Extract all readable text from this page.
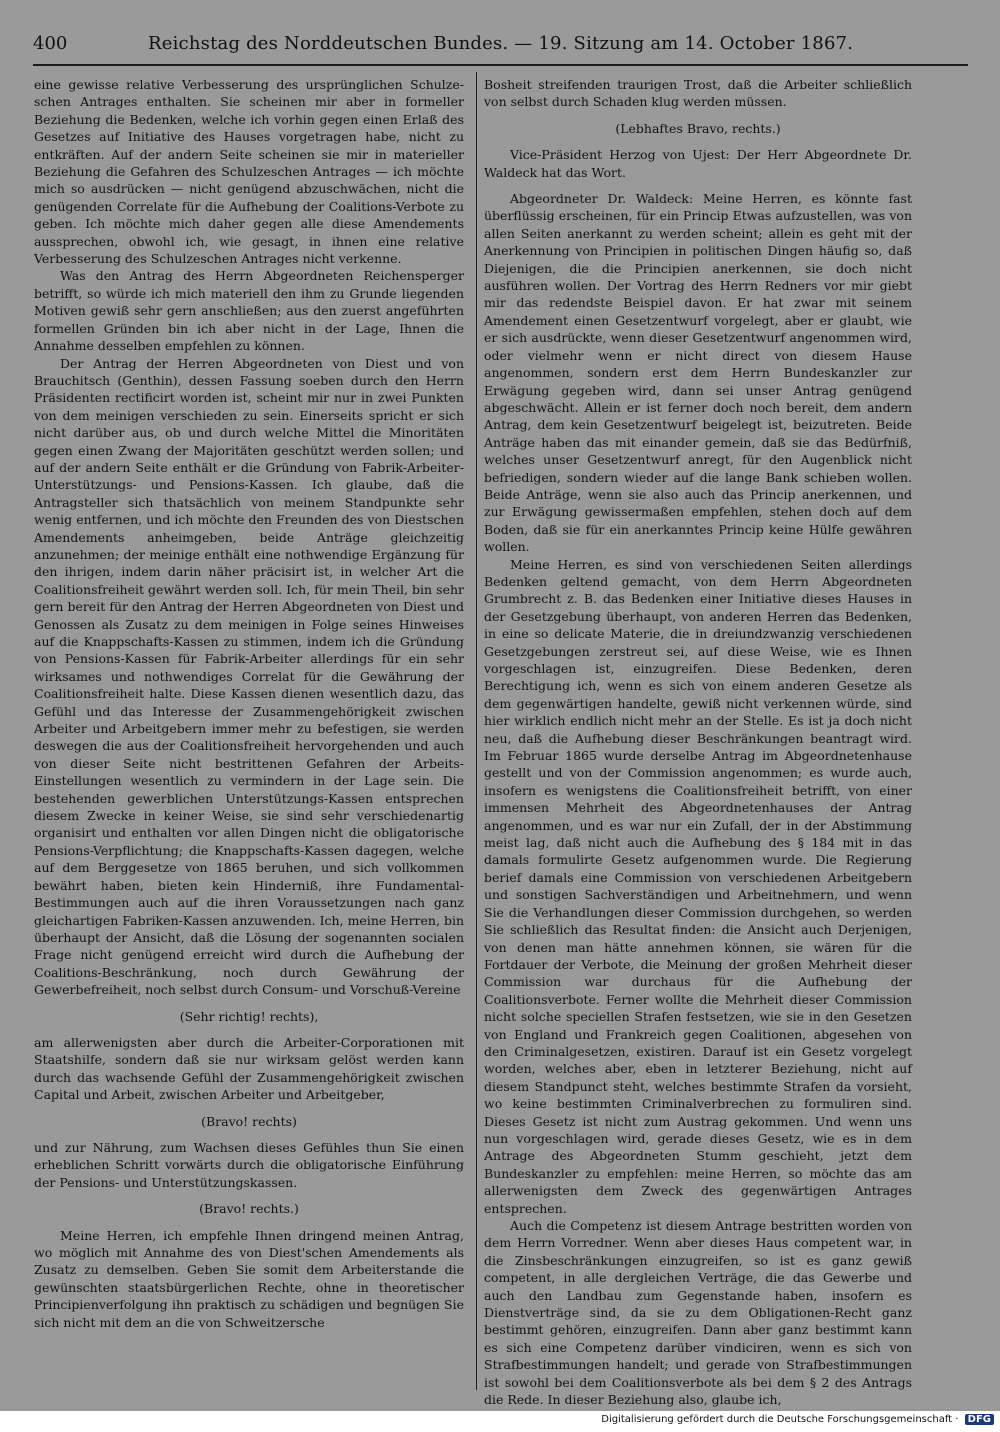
400	Reichstag des Norddeutschen Bundes. — 19. Sitzung am 14. October 1867.

eine gewisse relative Verbesserung des ursprünglichen Schulze-schen Antrages enthalten. Sie scheinen mir aber in formeller Beziehung die Bedenken, welche ich vorhin gegen einen Erlaß des Gesetzes auf Initiative des Hauses vorgetragen habe, nicht zu entkräften. Auf der andern Seite scheinen sie mir in materieller Beziehung die Gefahren des Schulzeschen Antrages — ich möchte mich so ausdrücken — nicht genügend abzuschwächen, nicht die genügenden Correlate für die Aufhebung der Coalitions-Verbote zu geben. Ich möchte mich daher gegen alle diese Amendements aussprechen, obwohl ich, wie gesagt, in ihnen eine relative Verbesserung des Schulzeschen Antrages nicht verkenne.

Was den Antrag des Herrn Abgeordneten Reichensperger betrifft, so würde ich mich materiell den ihm zu Grunde liegenden Motiven gewiß sehr gern anschließen; aus den zuerst angeführten formellen Gründen bin ich aber nicht in der Lage, Ihnen die Annahme desselben empfehlen zu können.

Der Antrag der Herren Abgeordneten von Diest und von Brauchitsch (Genthin), dessen Fassung soeben durch den Herrn Präsidenten rectificirt worden ist, scheint mir nur in zwei Punkten von dem meinigen verschieden zu sein. Einerseits spricht er sich nicht darüber aus, ob und durch welche Mittel die Minoritäten gegen einen Zwang der Majoritäten geschützt werden sollen; und auf der andern Seite enthält er die Gründung von Fabrik-Arbeiter-Unterstützungs- und Pensions-Kassen. Ich glaube, daß die Antragsteller sich thatsächlich von meinem Standpunkte sehr wenig entfernen, und ich möchte den Freunden des von Diestschen Amendements anheimgeben, beide Anträge gleichzeitig anzunehmen; der meinige enthält eine nothwendige Ergänzung für den ihrigen, indem darin näher präcisirt ist, in welcher Art die Coalitionsfreiheit gewährt werden soll. Ich, für mein Theil, bin sehr gern bereit für den Antrag der Herren Abgeordneten von Diest und Genossen als Zusatz zu dem meinigen in Folge seines Hinweises auf die Knappschafts-Kassen zu stimmen, indem ich die Gründung von Pensions-Kassen für Fabrik-Arbeiter allerdings für ein sehr wirksames und nothwendiges Correlat für die Gewährung der Coalitionsfreiheit halte. Diese Kassen dienen wesentlich dazu, das Gefühl und das Interesse der Zusammengehörigkeit zwischen Arbeiter und Arbeitgebern immer mehr zu befestigen, sie werden deswegen die aus der Coalitionsfreiheit hervorgehenden und auch von dieser Seite nicht bestrittenen Gefahren der Arbeits-Einstellungen wesentlich zu vermindern in der Lage sein. Die bestehenden gewerblichen Unterstützungs-Kassen entsprechen diesem Zwecke in keiner Weise, sie sind sehr verschiedenartig organisirt und enthalten vor allen Dingen nicht die obligatorische Pensions-Verpflichtung; die Knappschafts-Kassen dagegen, welche auf dem Berggesetze von 1865 beruhen, und sich vollkommen bewährt haben, bieten kein Hinderniß, ihre Fundamental-Bestimmungen auch auf die ihren Voraussetzungen nach ganz gleichartigen Fabriken-Kassen anzuwenden. Ich, meine Herren, bin überhaupt der Ansicht, daß die Lösung der sogenannten socialen Frage nicht genügend erreicht wird durch die Aufhebung der Coalitions-Beschränkung, noch durch Gewährung der Gewerbefreiheit, noch selbst durch Consum- und Vorschuß-Vereine

(Sehr richtig! rechts),

am allerwenigsten aber durch die Arbeiter-Corporationen mit Staatshilfe, sondern daß sie nur wirksam gelöst werden kann durch das wachsende Gefühl der Zusammengehörigkeit zwischen Capital und Arbeit, zwischen Arbeiter und Arbeitgeber,

(Bravo! rechts)

und zur Nährung, zum Wachsen dieses Gefühles thun Sie einen erheblichen Schritt vorwärts durch die obligatorische Einführung der Pensions- und Unterstützungskassen.

(Bravo! rechts.)

Meine Herren, ich empfehle Ihnen dringend meinen Antrag, wo möglich mit Annahme des von Diest'schen Amendements als Zusatz zu demselben. Geben Sie somit dem Arbeiterstande die gewünschten staatsbürgerlichen Rechte, ohne in theoretischer Principienverfolgung ihn praktisch zu schädigen und begnügen Sie sich nicht mit dem an die von Schweitzersche

Bosheit streifenden traurigen Trost, daß die Arbeiter schließlich von selbst durch Schaden klug werden müssen.

(Lebhaftes Bravo, rechts.)

Vice-Präsident Herzog von Ujest: Der Herr Abgeordnete Dr. Waldeck hat das Wort.

Abgeordneter Dr. Waldeck: Meine Herren, es könnte fast überflüssig erscheinen, für ein Princip Etwas aufzustellen, was von allen Seiten anerkannt zu werden scheint; allein es geht mit der Anerkennung von Principien in politischen Dingen häufig so, daß Diejenigen, die die Principien anerkennen, sie doch nicht ausführen wollen. Der Vortrag des Herrn Redners vor mir giebt mir das redendste Beispiel davon. Er hat zwar mit seinem Amendement einen Gesetzentwurf vorgelegt, aber er glaubt, wie er sich ausdrückte, wenn dieser Gesetzentwurf angenommen wird, oder vielmehr wenn er nicht direct von diesem Hause angenommen, sondern erst dem Herrn Bundeskanzler zur Erwägung gegeben wird, dann sei unser Antrag genügend abgeschwächt. Allein er ist ferner doch noch bereit, dem andern Antrag, dem kein Gesetzentwurf beigelegt ist, beizutreten. Beide Anträge haben das mit einander gemein, daß sie das Bedürfniß, welches unser Gesetzentwurf anregt, für den Augenblick nicht befriedigen, sondern wieder auf die lange Bank schieben wollen. Beide Anträge, wenn sie also auch das Princip anerkennen, und zur Erwägung gewissermaßen empfehlen, stehen doch auf dem Boden, daß sie für ein anerkanntes Princip keine Hülfe gewähren wollen.

Meine Herren, es sind von verschiedenen Seiten allerdings Bedenken geltend gemacht, von dem Herrn Abgeordneten Grumbrecht z. B. das Bedenken einer Initiative dieses Hauses in der Gesetzgebung überhaupt, von anderen Herren das Bedenken, in eine so delicate Materie, die in dreiundzwanzig verschiedenen Gesetzgebungen zerstreut sei, auf diese Weise, wie es Ihnen vorgeschlagen ist, einzugreifen. Diese Bedenken, deren Berechtigung ich, wenn es sich von einem anderen Gesetze als dem gegenwärtigen handelte, gewiß nicht verkennen würde, sind hier wirklich endlich nicht mehr an der Stelle. Es ist ja doch nicht neu, daß die Aufhebung dieser Beschränkungen beantragt wird. Im Februar 1865 wurde derselbe Antrag im Abgeordnetenhause gestellt und von der Commission angenommen; es wurde auch, insofern es wenigstens die Coalitionsfreiheit betrifft, von einer immensen Mehrheit des Abgeordnetenhauses der Antrag angenommen, und es war nur ein Zufall, der in der Abstimmung meist lag, daß nicht auch die Aufhebung des § 184 mit in das damals formulirte Gesetz aufgenommen wurde. Die Regierung berief damals eine Commission von verschiedenen Arbeitgebern und sonstigen Sachverständigen und Arbeitnehmern, und wenn Sie die Verhandlungen dieser Commission durchgehen, so werden Sie schließlich das Resultat finden: die Ansicht auch Derjenigen, von denen man hätte annehmen können, sie wären für die Fortdauer der Verbote, die Meinung der großen Mehrheit dieser Commission war durchaus für die Aufhebung der Coalitionsverbote. Ferner wollte die Mehrheit dieser Commission nicht solche speciellen Strafen festsetzen, wie sie in den Gesetzen von England und Frankreich gegen Coalitionen, abgesehen von den Criminalgesetzen, existiren. Darauf ist ein Gesetz vorgelegt worden, welches aber, eben in letzterer Beziehung, nicht auf diesem Standpunct steht, welches bestimmte Strafen da vorsieht, wo keine bestimmten Criminalverbrechen zu formuliren sind. Dieses Gesetz ist nicht zum Austrag gekommen. Und wenn uns nun vorgeschlagen wird, gerade dieses Gesetz, wie es in dem Antrage des Abgeordneten Stumm geschieht, jetzt dem Bundeskanzler zu empfehlen: meine Herren, so möchte das am allerwenigsten dem Zweck des gegenwärtigen Antrages entsprechen.

Auch die Competenz ist diesem Antrage bestritten worden von dem Herrn Vorredner. Wenn aber dieses Haus competent war, in die Zinsbeschränkungen einzugreifen, so ist es ganz gewiß competent, in alle dergleichen Verträge, die das Gewerbe und auch den Landbau zum Gegenstande haben, insofern es Dienstverträge sind, da sie zu dem Obligationen-Recht ganz bestimmt gehören, einzugreifen. Dann aber ganz bestimmt kann es sich eine Competenz darüber vindiciren, wenn es sich von Strafbestimmungen handelt; und gerade von Strafbestimmungen ist sowohl bei dem Coalitionsverbote als bei dem § 2 des Antrags die Rede. In dieser Beziehung also, glaube ich,

Digitalisierung gefördert durch die Deutsche Forschungsgemeinschaft · DFG
